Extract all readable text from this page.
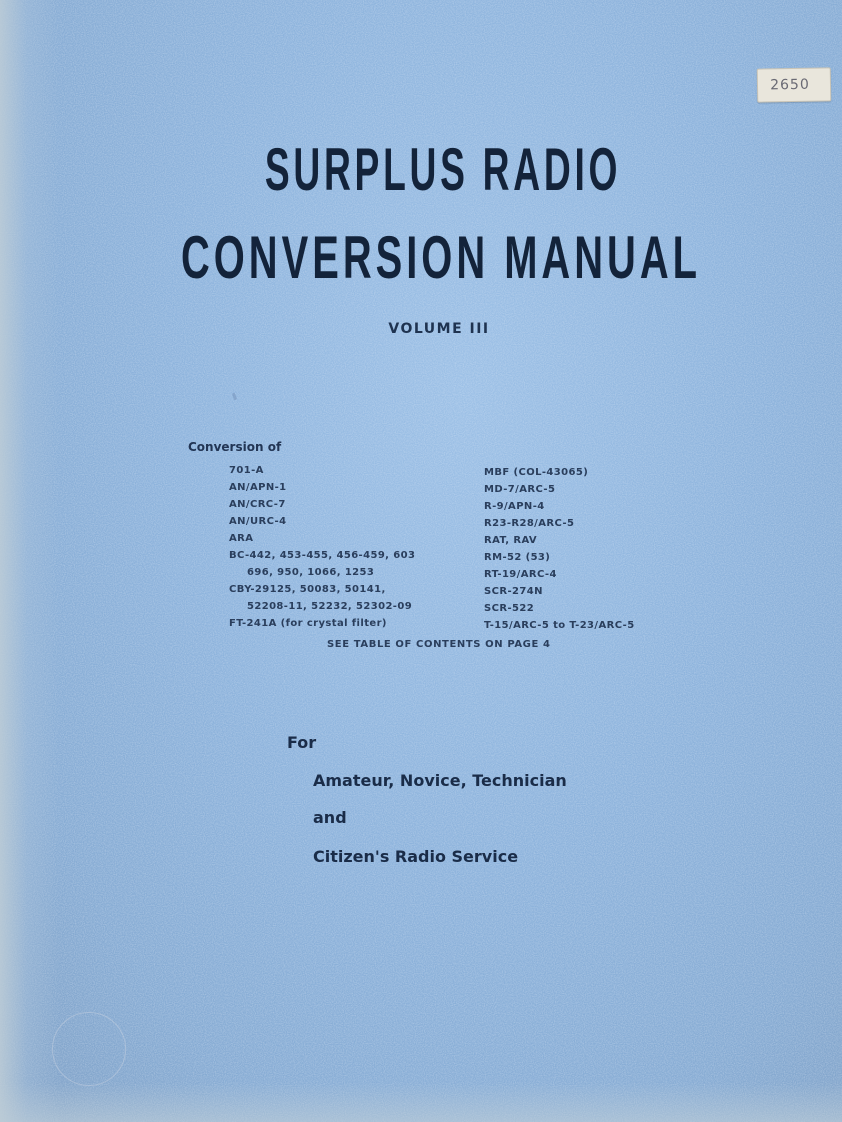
2650
SURPLUS RADIO
CONVERSION MANUAL
VOLUME III
Conversion of
701-A
AN/APN-1
AN/CRC-7
AN/URC-4
ARA
BC-442, 453-455, 456-459, 603
696, 950, 1066, 1253
CBY-29125, 50083, 50141,
52208-11, 52232, 52302-09
FT-241A (for crystal filter)
MBF (COL-43065)
MD-7/ARC-5
R-9/APN-4
R23-R28/ARC-5
RAT, RAV
RM-52 (53)
RT-19/ARC-4
SCR-274N
SCR-522
T-15/ARC-5 to T-23/ARC-5
SEE TABLE OF CONTENTS ON PAGE 4
For
Amateur, Novice, Technician
and
Citizen's Radio Service
